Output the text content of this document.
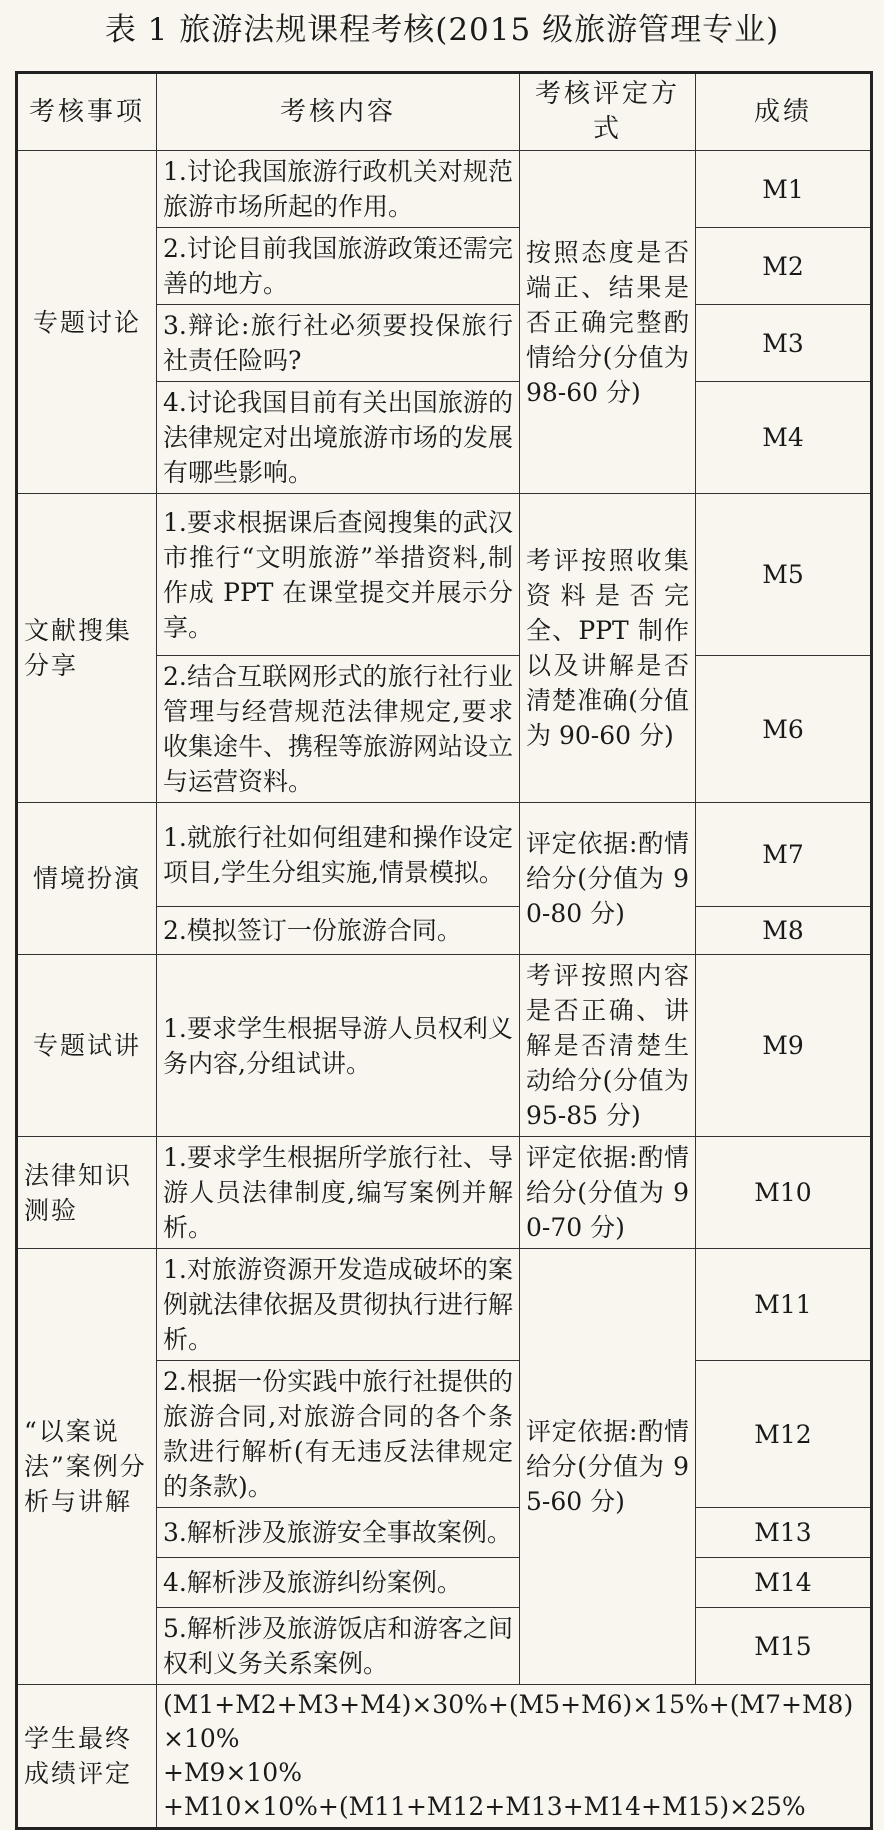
表 1 旅游法规课程考核(2015 级旅游管理专业)
考核事项	考核内容	考核评定方式	成绩
专题讨论	1.讨论我国旅游行政机关对规范旅游市场所起的作用。	按照态度是否端正、结果是否正确完整酌情给分(分值为 98-60 分)	M1
	2.讨论目前我国旅游政策还需完善的地方。		M2
	3.辩论:旅行社必须要投保旅行社责任险吗?		M3
	4.讨论我国目前有关出国旅游的法律规定对出境旅游市场的发展有哪些影响。		M4
文献搜集分享	1.要求根据课后查阅搜集的武汉市推行“文明旅游”举措资料,制作成 PPT 在课堂提交并展示分享。	考评按照收集资料是否完全、PPT 制作以及讲解是否清楚准确(分值为 90-60 分)	M5
	2.结合互联网形式的旅行社行业管理与经营规范法律规定,要求收集途牛、携程等旅游网站设立与运营资料。		M6
情境扮演	1.就旅行社如何组建和操作设定项目,学生分组实施,情景模拟。	评定依据:酌情给分(分值为 90-80 分)	M7
	2.模拟签订一份旅游合同。		M8
专题试讲	1.要求学生根据导游人员权利义务内容,分组试讲。	考评按照内容是否正确、讲解是否清楚生动给分(分值为 95-85 分)	M9
法律知识测验	1.要求学生根据所学旅行社、导游人员法律制度,编写案例并解析。	评定依据:酌情给分(分值为 90-70 分)	M10
“以案说法”案例分析与讲解	1.对旅游资源开发造成破坏的案例就法律依据及贯彻执行进行解析。	评定依据:酌情给分(分值为 95-60 分)	M11
	2.根据一份实践中旅行社提供的旅游合同,对旅游合同的各个条款进行解析(有无违反法律规定的条款)。		M12
	3.解析涉及旅游安全事故案例。		M13
	4.解析涉及旅游纠纷案例。		M14
	5.解析涉及旅游饭店和游客之间权利义务关系案例。		M15
学生最终成绩评定	(M1+M2+M3+M4)×30%+(M5+M6)×15%+(M7+M8)×10%
+M9×10%
+M10×10%+(M11+M12+M13+M14+M15)×25%		
